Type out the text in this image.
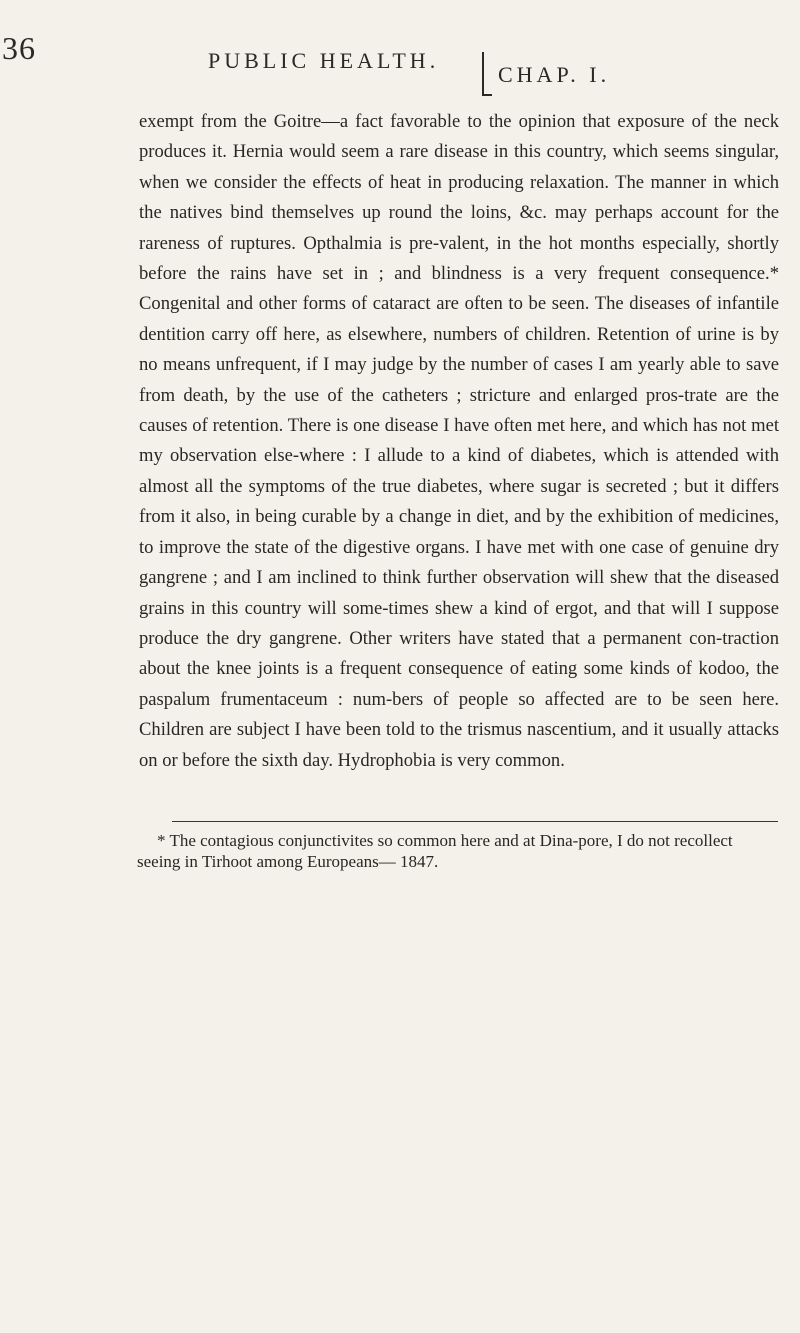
36	PUBLIC HEALTH.
CHAP. I.

exempt from the Goitre—a fact favorable to the opinion that exposure of the neck produces it. Hernia would seem a rare disease in this country, which seems singular, when we consider the effects of heat in producing relaxation. The manner in which the natives bind themselves up round the loins, &c. may perhaps account for the rareness of ruptures. Opthalmia is pre-valent, in the hot months especially, shortly before the rains have set in ; and blindness is a very frequent consequence.* Congenital and other forms of cataract are often to be seen. The diseases of infantile dentition carry off here, as elsewhere, numbers of children. Retention of urine is by no means unfrequent, if I may judge by the number of cases I am yearly able to save from death, by the use of the catheters ; stricture and enlarged pros-trate are the causes of retention. There is one disease I have often met here, and which has not met my observation else-where : I allude to a kind of diabetes, which is attended with almost all the symptoms of the true diabetes, where sugar is secreted ; but it differs from it also, in being curable by a change in diet, and by the exhibition of medicines, to improve the state of the digestive organs. I have met with one case of genuine dry gangrene ; and I am inclined to think further observation will shew that the diseased grains in this country will some-times shew a kind of ergot, and that will I suppose produce the dry gangrene. Other writers have stated that a permanent con-traction about the knee joints is a frequent consequence of eating some kinds of kodoo, the paspalum frumentaceum : num-bers of people so affected are to be seen here. Children are subject I have been told to the trismus nascentium, and it usually attacks on or before the sixth day. Hydrophobia is very common.

* The contagious conjunctivites so common here and at Dina-pore, I do not recollect seeing in Tirhoot among Europeans— 1847.
